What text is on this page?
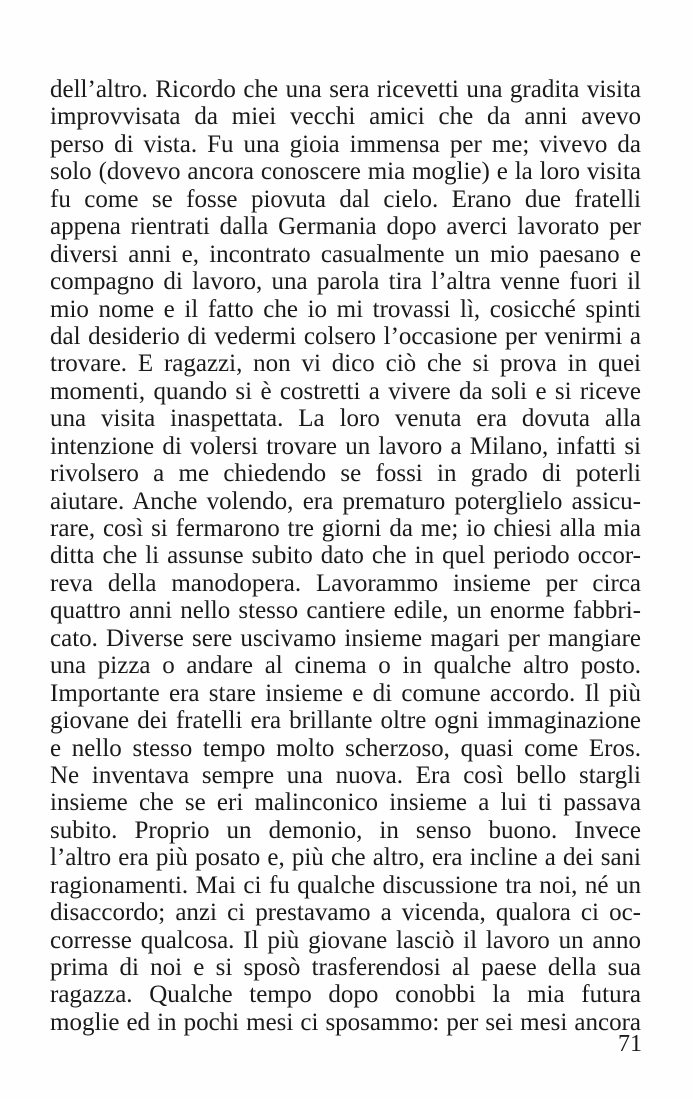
dell’altro. Ricordo che una sera ricevetti una gradita visita
improvvisata da miei vecchi amici che da anni avevo
perso di vista. Fu una gioia immensa per me; vivevo da
solo (dovevo ancora conoscere mia moglie) e la loro visita
fu come se fosse piovuta dal cielo. Erano due fratelli
appena rientrati dalla Germania dopo averci lavorato per
diversi anni e, incontrato casualmente un mio paesano e
compagno di lavoro, una parola tira l’altra venne fuori il
mio nome e il fatto che io mi trovassi lì, cosicché spinti
dal desiderio di vedermi colsero l’occasione per venirmi a
trovare. E ragazzi, non vi dico ciò che si prova in quei
momenti, quando si è costretti a vivere da soli e si riceve
una visita inaspettata. La loro venuta era dovuta alla
intenzione di volersi trovare un lavoro a Milano, infatti si
rivolsero a me chiedendo se fossi in grado di poterli
aiutare. Anche volendo, era prematuro poterglielo assicu-
rare, così si fermarono tre giorni da me; io chiesi alla mia
ditta che li assunse subito dato che in quel periodo occor-
reva della manodopera. Lavorammo insieme per circa
quattro anni nello stesso cantiere edile, un enorme fabbri-
cato. Diverse sere uscivamo insieme magari per mangiare
una pizza o andare al cinema o in qualche altro posto.
Importante era stare insieme e di comune accordo. Il più
giovane dei fratelli era brillante oltre ogni immaginazione
e nello stesso tempo molto scherzoso, quasi come Eros.
Ne inventava sempre una nuova. Era così bello stargli
insieme che se eri malinconico insieme a lui ti passava
subito. Proprio un demonio, in senso buono. Invece
l’altro era più posato e, più che altro, era incline a dei sani
ragionamenti. Mai ci fu qualche discussione tra noi, né un
disaccordo; anzi ci prestavamo a vicenda, qualora ci oc-
corresse qualcosa. Il più giovane lasciò il lavoro un anno
prima di noi e si sposò trasferendosi al paese della sua
ragazza. Qualche tempo dopo conobbi la mia futura
moglie ed in pochi mesi ci sposammo: per sei mesi ancora
71
